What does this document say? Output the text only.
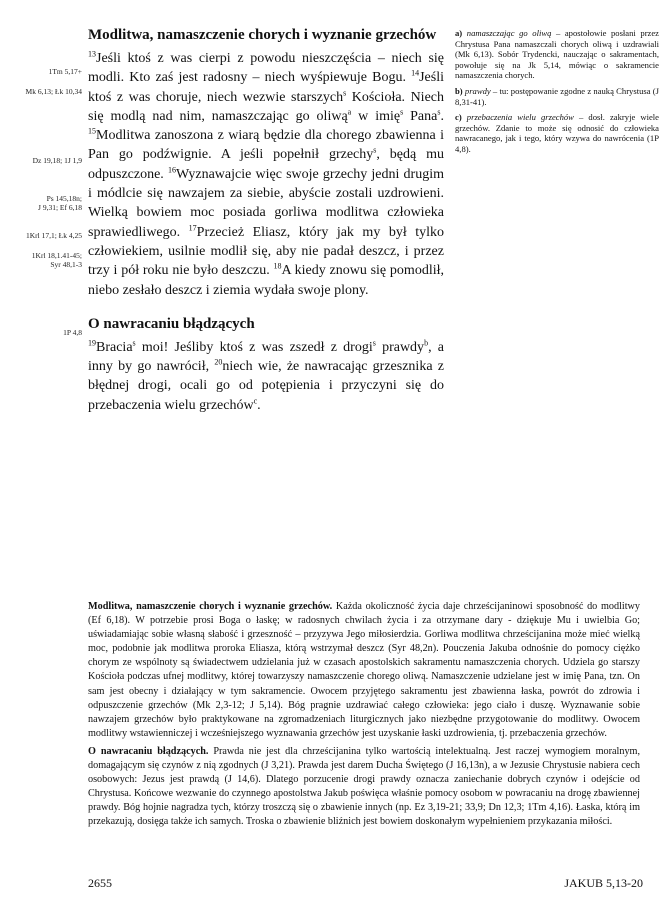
Modlitwa, namaszczenie chorych i wyznanie grzechów

$^{13}$Jeśli ktoś z was cierpi z powodu nieszczęścia – niech się modli. Kto zaś jest radosny – niech wyśpiewuje Bogu. $^{14}$Jeśli ktoś z was choruje, niech wezwie starszych$^s$ Kościoła. Niech się modlą nad nim, namaszczając go oliwą$^a$ w imię$^s$ Pana$^s$. $^{15}$Modlitwa zanoszona z wiarą będzie dla chorego zbawienna i Pan go podźwignie. A jeśli popełnił grzechy$^s$, będą mu odpuszczone. $^{16}$Wyznawajcie więc swoje grzechy jedni drugim i módlcie się nawzajem za siebie, abyście zostali uzdrowieni. Wielką bowiem moc posiada gorliwa modlitwa człowieka sprawiedliwego. $^{17}$Przecież Eliasz, który jak my był tylko człowiekiem, usilnie modlił się, aby nie padał deszcz, i przez trzy i pół roku nie było deszczu. $^{18}$A kiedy znowu się pomodlił, niebo zesłało deszcz i ziemia wydała swoje plony.

O nawracaniu błądzących

$^{19}$Bracia$^s$ moi! Jeśliby ktoś z was zszedł z drogi$^s$ prawdy$^b$, a inny by go nawrócił, $^{20}$niech wie, że nawracając grzesznika z błędnej drogi, ocali go od potępienia i przyczyni się do przebaczenia wielu grzechów$^c$.

1Tm 5,17+
Mk 6,13; Łk 10,34
Dz 19,18; 1J 1,9
Ps 145,18n;
J 9,31; Ef 6,18
1Krl 17,1; Łk 4,25
1Krl 18,1.41-45;
Syr 48,1-3
1P 4,8

a) namaszczając go oliwą – apostołowie posłani przez Chrystusa Pana namaszczali chorych oliwą i uzdrawiali (Mk 6,13). Sobór Trydencki, nauczając o sakramentach, powołuje się na Jk 5,14, mówiąc o sakramencie namaszczenia chorych.

b) prawdy – tu: postępowanie zgodne z nauką Chrystusa (J 8,31-41).

c) przebaczenia wielu grzechów – dosł. zakryje wiele grzechów. Zdanie to może się odnosić do człowieka nawracanego, jak i tego, który wzywa do nawrócenia (1P 4,8).

Modlitwa, namaszczenie chorych i wyznanie grzechów. Każda okoliczność życia daje chrześcijaninowi sposobność do modlitwy (Ef 6,18). W potrzebie prosi Boga o łaskę; w radosnych chwilach życia i za otrzymane dary - dziękuje Mu i uwielbia Go; uświadamiając sobie własną słabość i grzeszność – przyzywa Jego miłosierdzia. Gorliwa modlitwa chrześcijanina może mieć wielką moc, podobnie jak modlitwa proroka Eliasza, którą wstrzymał deszcz (Syr 48,2n). Pouczenia Jakuba odnośnie do pomocy ciężko chorym ze wspólnoty są świadectwem udzielania już w czasach apostolskich sakramentu namaszczenia chorych. Udziela go starszy Kościoła podczas ufnej modlitwy, której towarzyszy namaszczenie chorego oliwą. Namaszczenie udzielane jest w imię Pana, tzn. On sam jest obecny i działający w tym sakramencie. Owocem przyjętego sakramentu jest zbawienna łaska, powrót do zdrowia i odpuszczenie grzechów (Mk 2,3-12; J 5,14). Bóg pragnie uzdrawiać całego człowieka: jego ciało i duszę. Wyznawanie sobie nawzajem grzechów było praktykowane na zgromadzeniach liturgicznych jako niezbędne przygotowanie do modlitwy. Owocem modlitwy wstawienniczej i wcześniejszego wyznawania grzechów jest uzyskanie łaski uzdrowienia, tj. przebaczenia grzechów.

O nawracaniu błądzących. Prawda nie jest dla chrześcijanina tylko wartością intelektualną. Jest raczej wymogiem moralnym, domagającym się czynów z nią zgodnych (J 3,21). Prawda jest darem Ducha Świętego (J 16,13n), a w Jezusie Chrystusie nabiera cech osobowych: Jezus jest prawdą (J 14,6). Dlatego porzucenie drogi prawdy oznacza zaniechanie dobrych czynów i odejście od Chrystusa. Końcowe wezwanie do czynnego apostolstwa Jakub poświęca właśnie pomocy osobom w powracaniu na drogę zbawiennej prawdy. Bóg hojnie nagradza tych, którzy troszczą się o zbawienie innych (np. Ez 3,19-21; 33,9; Dn 12,3; 1Tm 4,16). Łaska, którą im przekazują, dosięga także ich samych. Troska o zbawienie bliźnich jest bowiem doskonałym wypełnieniem przykazania miłości.

2655	JAKUB 5,13-20
